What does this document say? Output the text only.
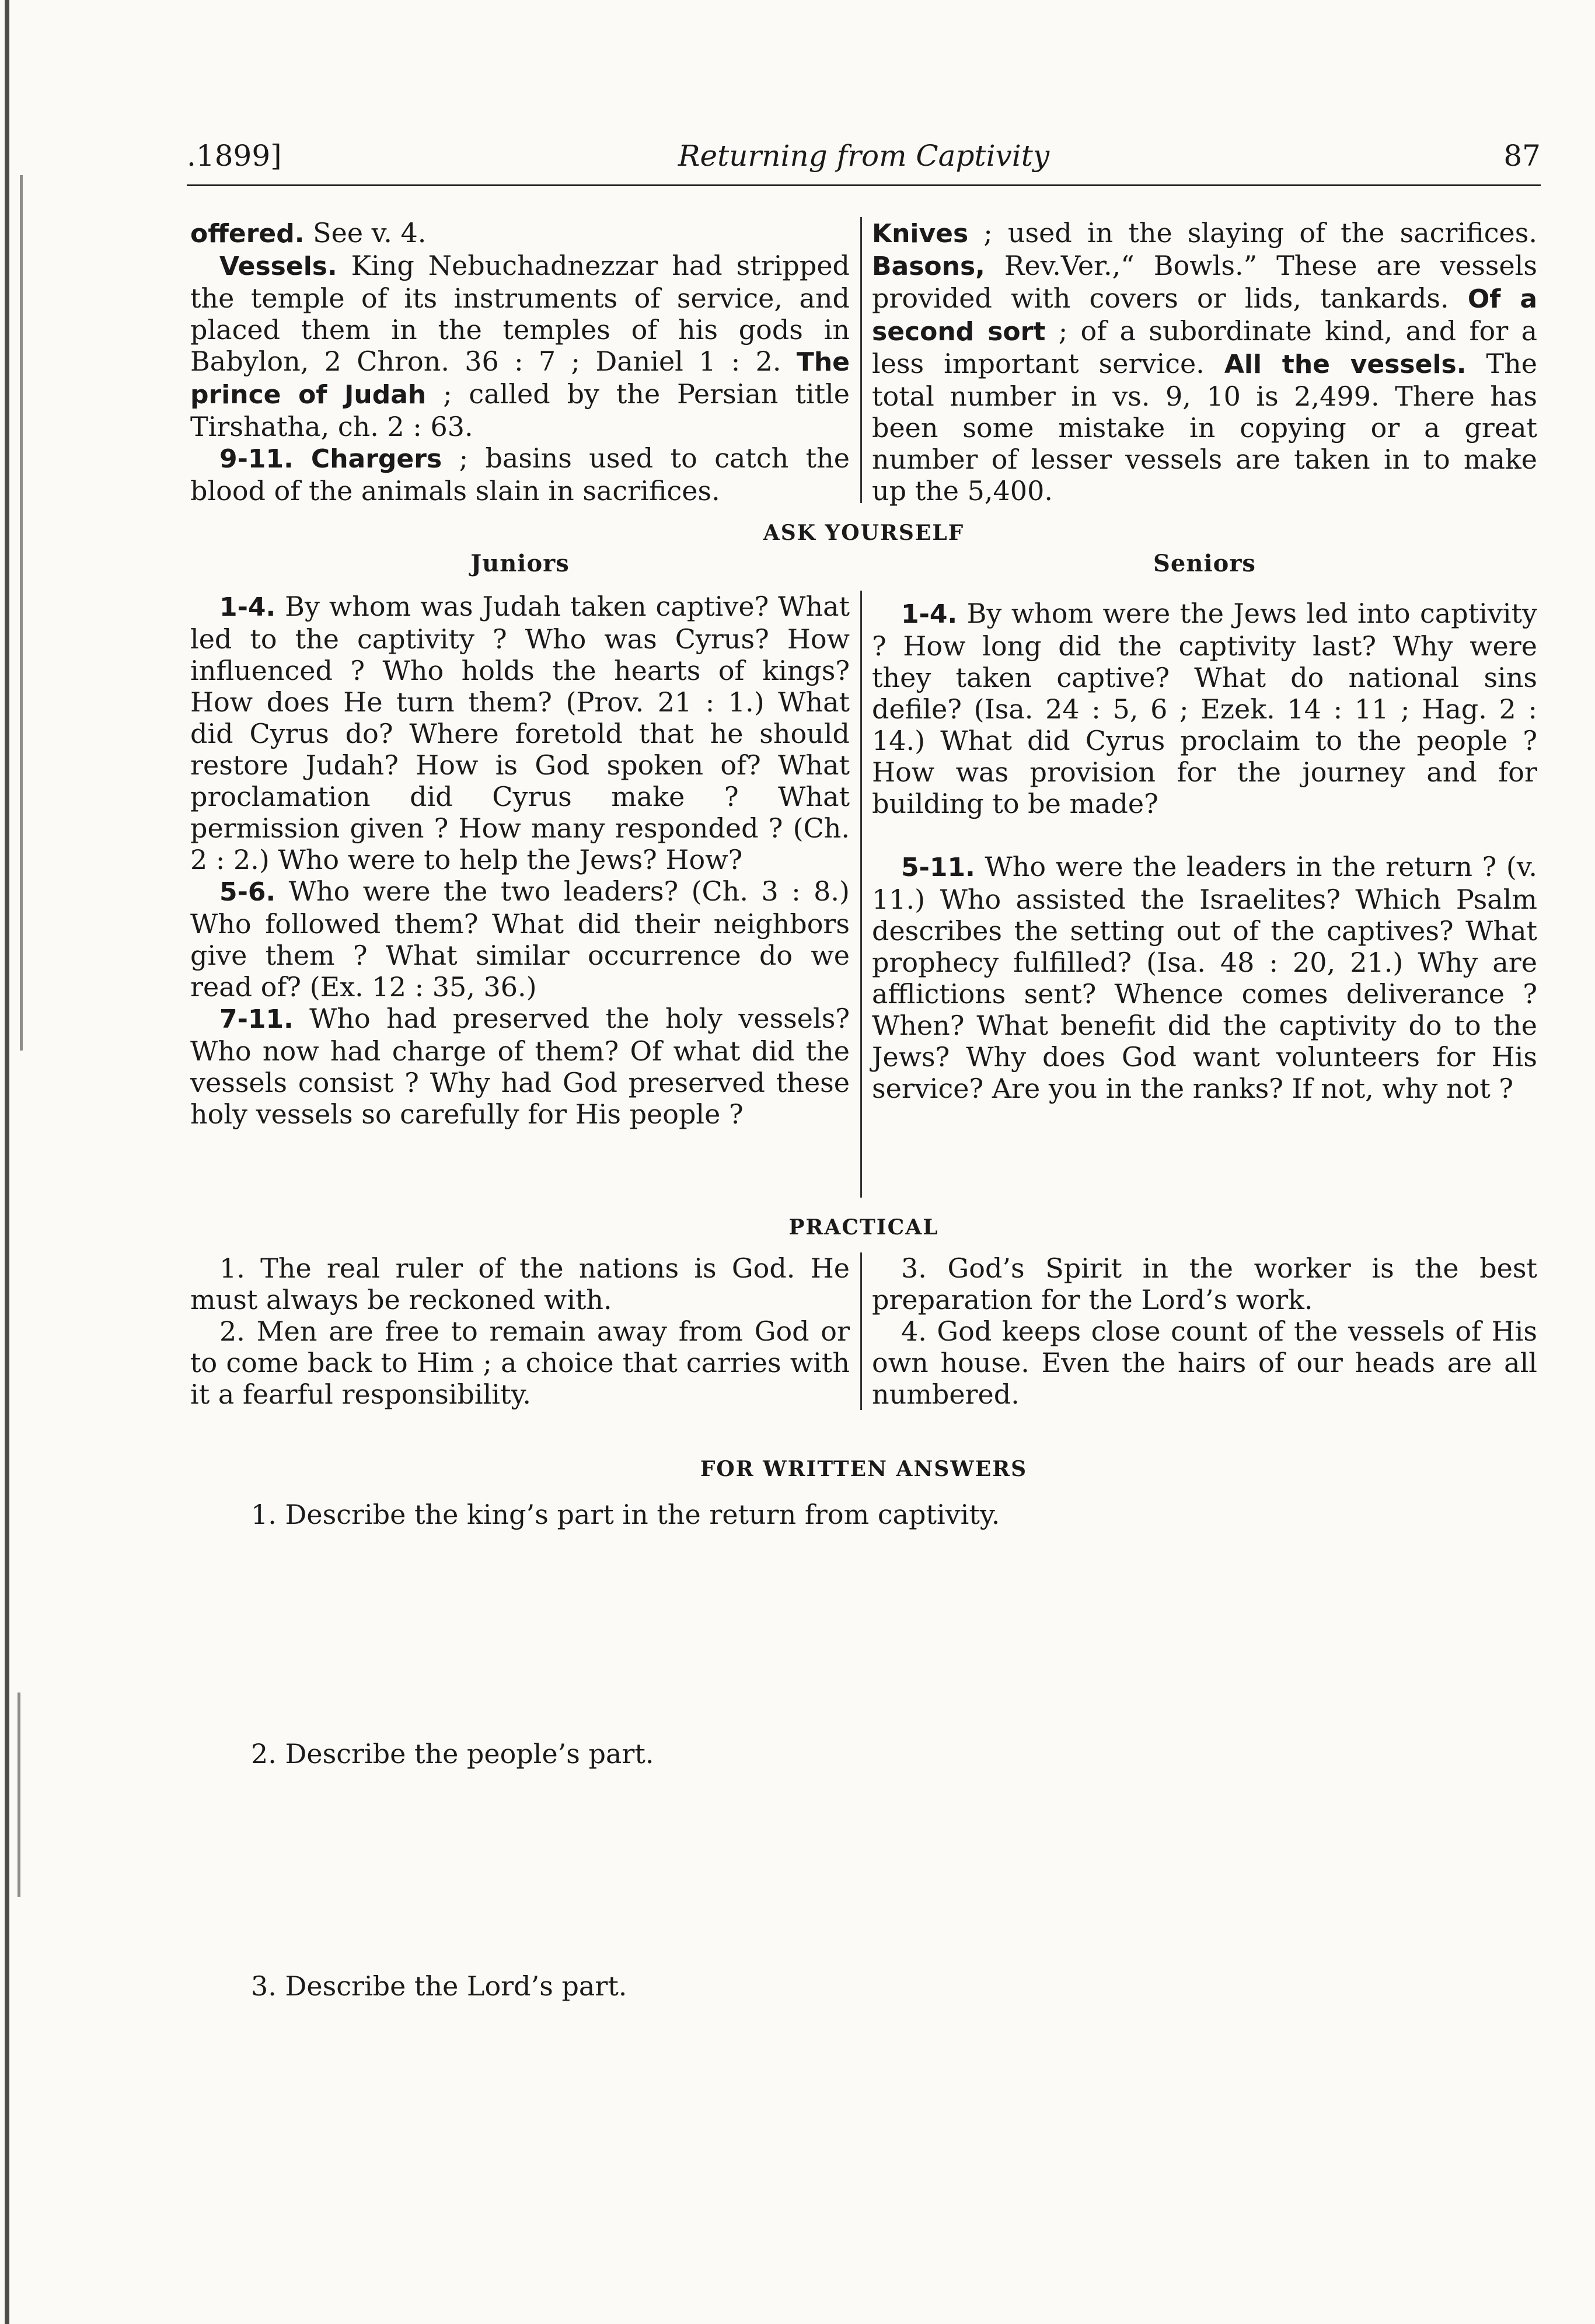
.1899]	Returning from Captivity	87

offered. See v. 4.

Vessels. King Nebuchadnezzar had stripped the temple of its instruments of service, and placed them in the temples of his gods in Babylon, 2 Chron. 36 : 7 ; Daniel 1 : 2. The prince of Judah ; called by the Persian title Tirshatha, ch. 2 : 63.

9-11. Chargers ; basins used to catch the blood of the animals slain in sacrifices.

Knives ; used in the slaying of the sacrifices. Basons, Rev.Ver.,“ Bowls.” These are vessels provided with covers or lids, tankards. Of a second sort ; of a subordinate kind, and for a less important service. All the vessels. The total number in vs. 9, 10 is 2,499. There has been some mistake in copying or a great number of lesser vessels are taken in to make up the 5,400.

ASK YOURSELF
Juniors	Seniors

1-4. By whom was Judah taken captive? What led to the captivity ? Who was Cyrus? How influenced ? Who holds the hearts of kings? How does He turn them? (Prov. 21 : 1.) What did Cyrus do? Where foretold that he should restore Judah? How is God spoken of? What proclamation did Cyrus make ? What permission given ? How many responded ? (Ch. 2 : 2.) Who were to help the Jews? How?

5-6. Who were the two leaders? (Ch. 3 : 8.) Who followed them? What did their neighbors give them ? What similar occurrence do we read of? (Ex. 12 : 35, 36.)

7-11. Who had preserved the holy vessels? Who now had charge of them? Of what did the vessels consist ? Why had God preserved these holy vessels so carefully for His people ?

1-4. By whom were the Jews led into captivity ? How long did the captivity last? Why were they taken captive? What do national sins defile? (Isa. 24 : 5, 6 ; Ezek. 14 : 11 ; Hag. 2 : 14.) What did Cyrus proclaim to the people ? How was provision for the journey and for building to be made?

5-11. Who were the leaders in the return ? (v. 11.) Who assisted the Israelites? Which Psalm describes the setting out of the captives? What prophecy fulfilled? (Isa. 48 : 20, 21.) Why are afflictions sent? Whence comes deliverance ? When? What benefit did the captivity do to the Jews? Why does God want volunteers for His service? Are you in the ranks? If not, why not ?

PRACTICAL

1. The real ruler of the nations is God. He must always be reckoned with.

2. Men are free to remain away from God or to come back to Him ; a choice that carries with it a fearful responsibility.

3. God’s Spirit in the worker is the best preparation for the Lord’s work.

4. God keeps close count of the vessels of His own house. Even the hairs of our heads are all numbered.

FOR WRITTEN ANSWERS
1. Describe the king’s part in the return from captivity.
2. Describe the people’s part.
3. Describe the Lord’s part.
